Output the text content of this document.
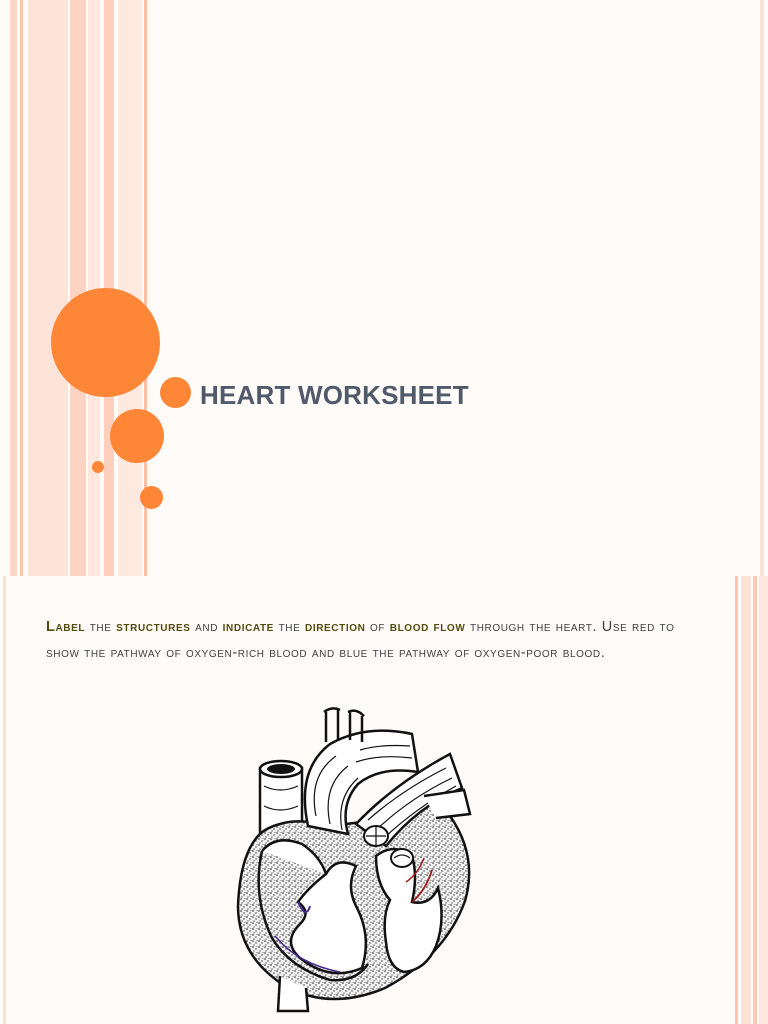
HEART WORKSHEET
Label the structures and indicate the direction of blood flow through the heart. Use red to show the pathway of oxygen-rich blood and blue the pathway of oxygen-poor blood.
